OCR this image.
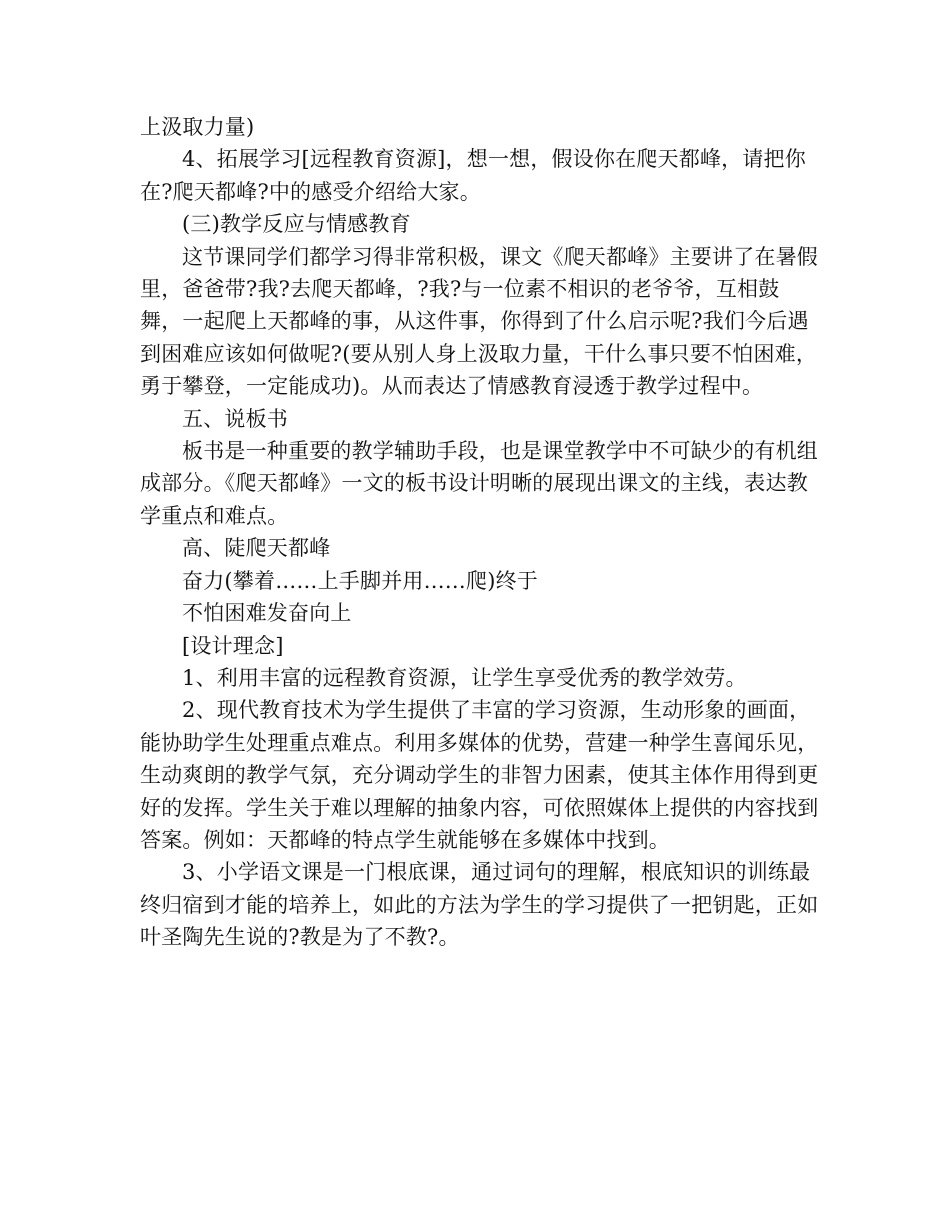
上汲取力量)

4、拓展学习[远程教育资源]，想一想，假设你在爬天都峰，请把你在?爬天都峰?中的感受介绍给大家。

(三)教学反应与情感教育

这节课同学们都学习得非常积极，课文《爬天都峰》主要讲了在暑假里，爸爸带?我?去爬天都峰，?我?与一位素不相识的老爷爷，互相鼓舞，一起爬上天都峰的事，从这件事，你得到了什么启示呢?我们今后遇到困难应该如何做呢?(要从别人身上汲取力量，干什么事只要不怕困难，勇于攀登，一定能成功)。从而表达了情感教育浸透于教学过程中。

五、说板书

板书是一种重要的教学辅助手段，也是课堂教学中不可缺少的有机组成部分。《爬天都峰》一文的板书设计明晰的展现出课文的主线，表达教学重点和难点。

高、陡爬天都峰

奋力(攀着……上手脚并用……爬)终于

不怕困难发奋向上

[设计理念]

1、利用丰富的远程教育资源，让学生享受优秀的教学效劳。

2、现代教育技术为学生提供了丰富的学习资源，生动形象的画面，能协助学生处理重点难点。利用多媒体的优势，营建一种学生喜闻乐见，生动爽朗的教学气氛，充分调动学生的非智力困素，使其主体作用得到更好的发挥。学生关于难以理解的抽象内容，可依照媒体上提供的内容找到答案。例如：天都峰的特点学生就能够在多媒体中找到。

3、小学语文课是一门根底课，通过词句的理解，根底知识的训练最终归宿到才能的培养上，如此的方法为学生的学习提供了一把钥匙，正如叶圣陶先生说的?教是为了不教?。
